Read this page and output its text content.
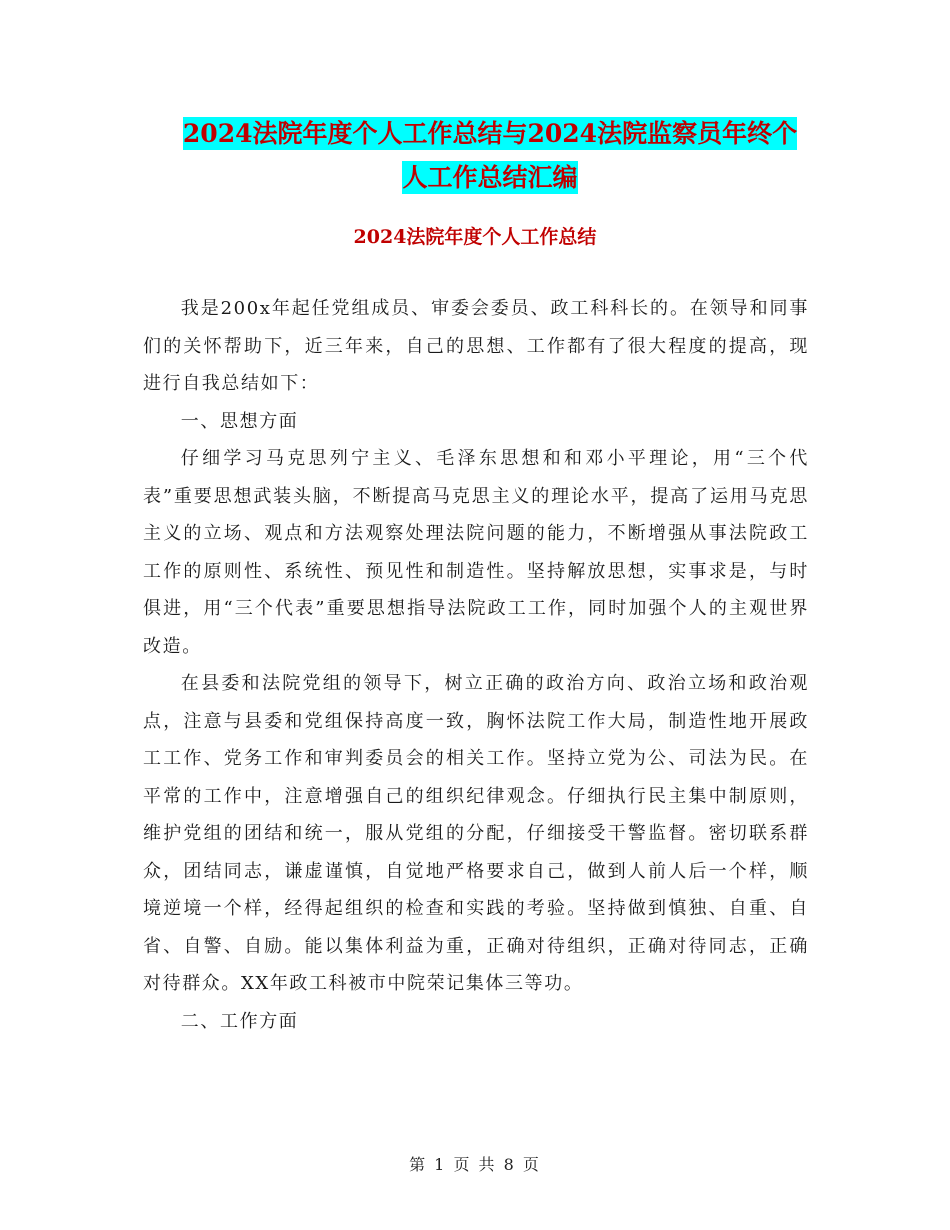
2024法院年度个人工作总结与2024法院监察员年终个
人工作总结汇编
2024法院年度个人工作总结

我是200x年起任党组成员、审委会委员、政工科科长的。在领导和同事们的关怀帮助下，近三年来，自己的思想、工作都有了很大程度的提高，现进行自我总结如下：

一、思想方面

仔细学习马克思列宁主义、毛泽东思想和和邓小平理论，用“三个代表”重要思想武装头脑，不断提高马克思主义的理论水平，提高了运用马克思主义的立场、观点和方法观察处理法院问题的能力，不断增强从事法院政工工作的原则性、系统性、预见性和制造性。坚持解放思想，实事求是，与时俱进，用“三个代表”重要思想指导法院政工工作，同时加强个人的主观世界改造。

在县委和法院党组的领导下，树立正确的政治方向、政治立场和政治观点，注意与县委和党组保持高度一致，胸怀法院工作大局，制造性地开展政工工作、党务工作和审判委员会的相关工作。坚持立党为公、司法为民。在平常的工作中，注意增强自己的组织纪律观念。仔细执行民主集中制原则，维护党组的团结和统一，服从党组的分配，仔细接受干警监督。密切联系群众，团结同志，谦虚谨慎，自觉地严格要求自己，做到人前人后一个样，顺境逆境一个样，经得起组织的检查和实践的考验。坚持做到慎独、自重、自省、自警、自励。能以集体利益为重，正确对待组织，正确对待同志，正确对待群众。XX年政工科被市中院荣记集体三等功。

二、工作方面

第 1 页 共 8 页
